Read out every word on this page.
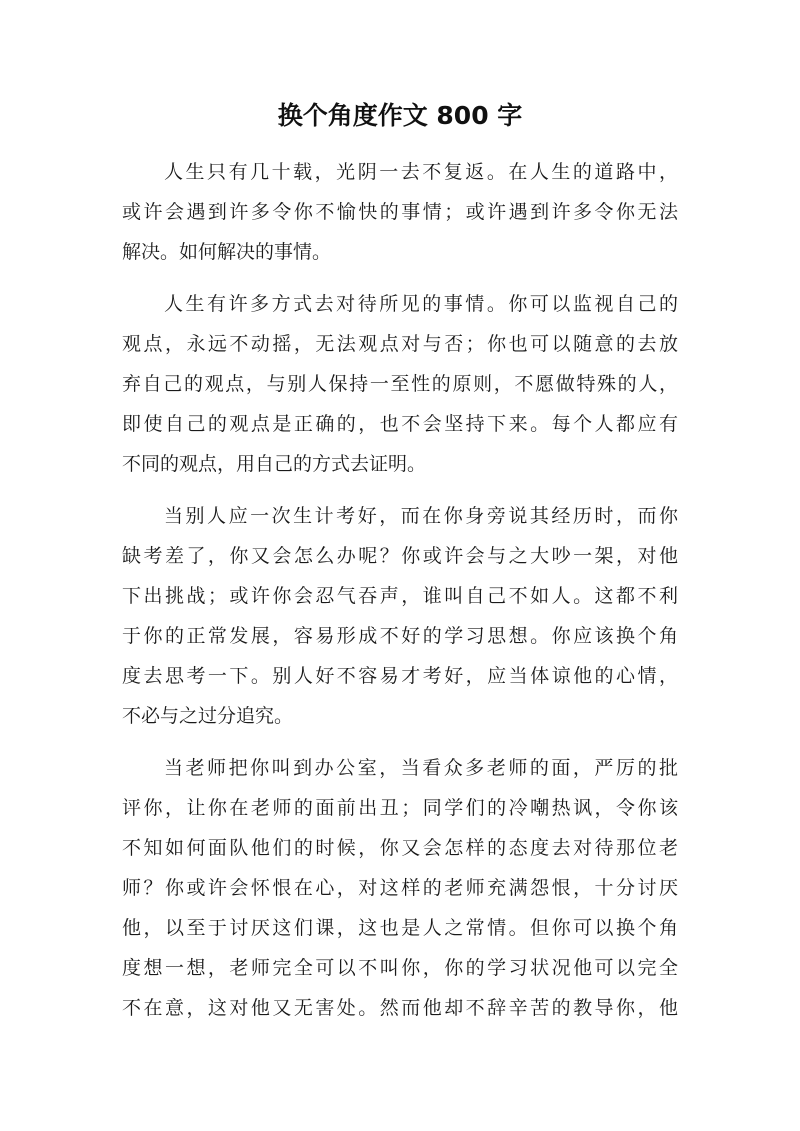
换个角度作文 800 字
人生只有几十载，光阴一去不复返。在人生的道路中，
或许会遇到许多令你不愉快的事情；或许遇到许多令你无法
解决。如何解决的事情。
人生有许多方式去对待所见的事情。你可以监视自己的
观点，永远不动摇，无法观点对与否；你也可以随意的去放
弃自己的观点，与别人保持一至性的原则，不愿做特殊的人，
即使自己的观点是正确的，也不会坚持下来。每个人都应有
不同的观点，用自己的方式去证明。
当别人应一次生计考好，而在你身旁说其经历时，而你
缺考差了，你又会怎么办呢？你或许会与之大吵一架，对他
下出挑战；或许你会忍气吞声，谁叫自己不如人。这都不利
于你的正常发展，容易形成不好的学习思想。你应该换个角
度去思考一下。别人好不容易才考好，应当体谅他的心情，
不必与之过分追究。
当老师把你叫到办公室，当看众多老师的面，严厉的批
评你，让你在老师的面前出丑；同学们的冷嘲热讽，令你该
不知如何面队他们的时候，你又会怎样的态度去对待那位老
师？你或许会怀恨在心，对这样的老师充满怨恨，十分讨厌
他，以至于讨厌这们课，这也是人之常情。但你可以换个角
度想一想，老师完全可以不叫你，你的学习状况他可以完全
不在意，这对他又无害处。然而他却不辞辛苦的教导你，他
